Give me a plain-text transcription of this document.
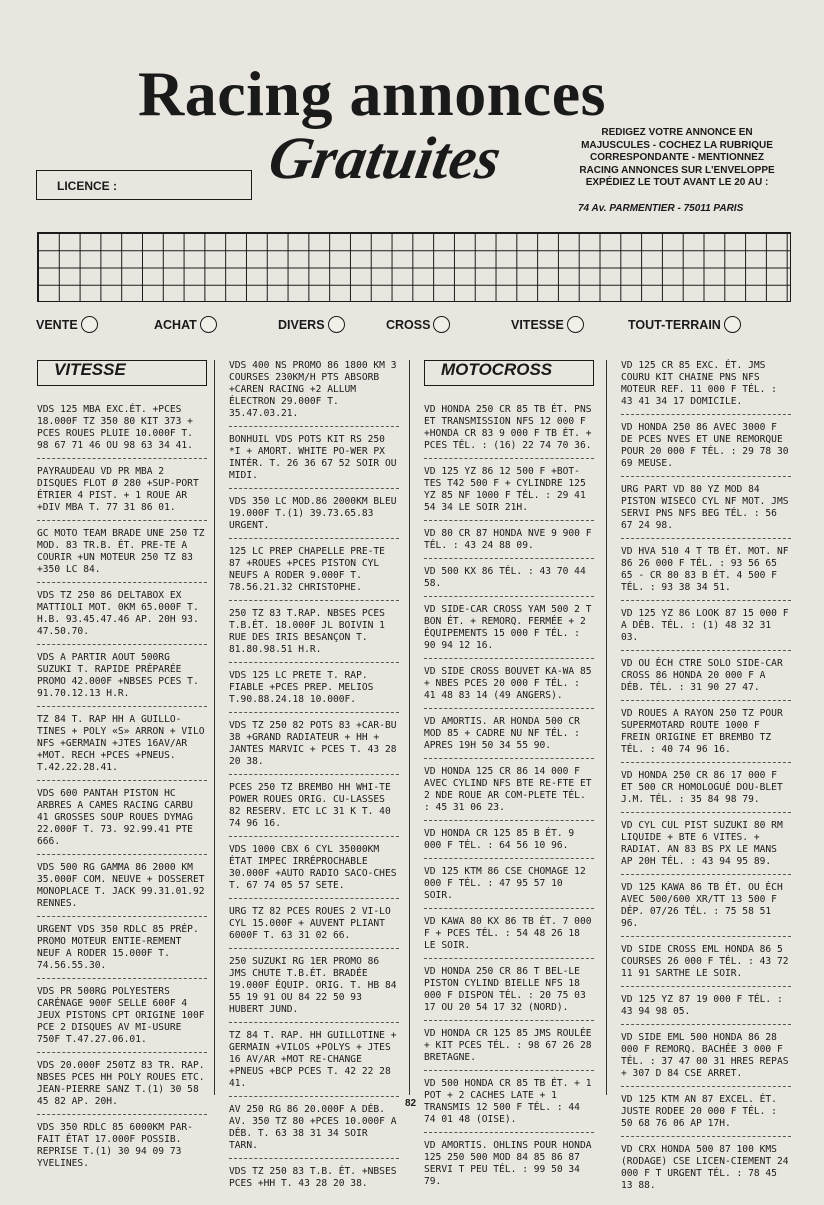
Racing annonces
Gratuites
LICENCE :
REDIGEZ VOTRE ANNONCE EN
MAJUSCULES - COCHEZ LA RUBRIQUE
CORRESPONDANTE - MENTIONNEZ
RACING ANNONCES SUR L'ENVELOPPE
EXPÉDIEZ LE TOUT AVANT LE 20 AU :
74 Av. PARMENTIER - 75011 PARIS
VENTE	ACHAT	DIVERS	CROSS	VITESSE	TOUT-TERRAIN
VITESSE
VDS 125 MBA EXC.ÉT. +PCES 18.000F TZ 350 80 KIT 373 + PCES ROUES PLUIE 10.000F T. 98 67 71 46 OU 98 63 34 41.
PAYRAUDEAU VD PR MBA 2 DISQUES FLOT Ø 280 +SUP-PORT ÉTRIER 4 PIST. + 1 ROUE AR +DIV MBA T. 77 31 86 01.
GC MOTO TEAM BRADE UNE 250 TZ MOD. 83 TR.B. ÉT. PRE-TE A COURIR +UN MOTEUR 250 TZ 83 +350 LC 84.
VDS TZ 250 86 DELTABOX EX MATTIOLI MOT. 0KM 65.000F T. H.B. 93.45.47.46 AP. 20H 93. 47.50.70.
VDS A PARTIR AOUT 500RG SUZUKI T. RAPIDE PRÉPARÉE PROMO 42.000F +NBSES PCES T. 91.70.12.13 H.R.
TZ 84 T. RAP HH A GUILLO-TINES + POLY «S» ARRON + VILO NFS +GERMAIN +JTES 16AV/AR +MOT. RECH +PCES +PNEUS. T.42.22.28.41.
VDS 600 PANTAH PISTON HC ARBRES A CAMES RACING CARBU 41 GROSSES SOUP ROUES DYMAG 22.000F T. 73. 92.99.41 PTE 666.
VDS 500 RG GAMMA 86 2000 KM 35.000F COM. NEUVE + DOSSERET MONOPLACE T. JACK 99.31.01.92 RENNES.
URGENT VDS 350 RDLC 85 PRÉP. PROMO MOTEUR ENTIE-REMENT NEUF A RODER 15.000F T. 74.56.55.30.
VDS PR 500RG POLYESTERS CARÉNAGE 900F SELLE 600F 4 JEUX PISTONS CPT ORIGINE 100F PCE 2 DISQUES AV MI-USURE 750F T.47.27.06.01.
VDS 20.000F 250TZ 83 TR. RAP. NBSES PCES HH POLY ROUES ETC. JEAN-PIERRE SANZ T.(1) 30 58 45 82 AP. 20H.
VDS 350 RDLC 85 6000KM PAR-FAIT ÉTAT 17.000F POSSIB. REPRISE T.(1) 30 94 09 73 YVELINES.
VDS 400 NS PROMO 86 1800 KM 3 COURSES 230KM/H PTS ABSORB +CAREN RACING +2 ALLUM ÉLECTRON 29.000F T. 35.47.03.21.
BONHUIL VDS POTS KIT RS 250 *I + AMORT. WHITE PO-WER PX INTÉR. T. 26 36 67 52 SOIR OU MIDI.
VDS 350 LC MOD.86 2000KM BLEU 19.000F T.(1) 39.73.65.83 URGENT.
125 LC PREP CHAPELLE PRE-TE 87 +ROUES +PCES PISTON CYL NEUFS A RODER 9.000F T. 78.56.21.32 CHRISTOPHE.
250 TZ 83 T.RAP. NBSES PCES T.B.ÉT. 18.000F JL BOIVIN 1 RUE DES IRIS BESANÇON T. 81.80.98.51 H.R.
VDS 125 LC PRETE T. RAP. FIABLE +PCES PREP. MELIOS T.90.88.24.18 10.000F.
VDS TZ 250 82 POTS 83 +CAR-BU 38 +GRAND RADIATEUR + HH + JANTES MARVIC + PCES T. 43 28 20 38.
PCES 250 TZ BREMBO HH WHI-TE POWER ROUES ORIG. CU-LASSES 82 RESERV. ETC LC 31 K T. 40 74 96 16.
VDS 1000 CBX 6 CYL 35000KM ÉTAT IMPEC IRRÉPROCHABLE 30.000F +AUTO RADIO SACO-CHES T. 67 74 05 57 SETE.
URG TZ 82 PCES ROUES 2 VI-LO CYL 15.000F + AUVENT PLIANT 6000F T. 63 31 02 66.
250 SUZUKI RG 1ER PROMO 86 JMS CHUTE T.B.ÉT. BRADÉE 19.000F ÉQUIP. ORIG. T. HB 84 55 19 91 OU 84 22 50 93 HUBERT JUND.
TZ 84 T. RAP. HH GUILLOTINE + GERMAIN +VILOS +POLYS + JTES 16 AV/AR +MOT RE-CHANGE +PNEUS +BCP PCES T. 42 22 28 41.
AV 250 RG 86 20.000F A DÉB. AV. 350 TZ 80 +PCES 10.000F A DÉB. T. 63 38 31 34 SOIR TARN.
VDS TZ 250 83 T.B. ÉT. +NBSES PCES +HH T. 43 28 20 38.
MOTOCROSS
VD HONDA 250 CR 85 TB ÉT. PNS ET TRANSMISSION NFS 12 000 F +HONDA CR 83 9 000 F TB ÉT. + PCES TÉL. : (16) 22 74 70 36.
VD 125 YZ 86 12 500 F +BOT-TES T42 500 F + CYLINDRE 125 YZ 85 NF 1000 F TÉL. : 29 41 54 34 LE SOIR 21H.
VD 80 CR 87 HONDA NVE 9 900 F TÉL. : 43 24 88 09.
VD 500 KX 86 TÉL. : 43 70 44 58.
VD SIDE-CAR CROSS YAM 500 2 T BON ÉT. + REMORQ. FERMÉE + 2 ÉQUIPEMENTS 15 000 F TÉL. : 90 94 12 16.
VD SIDE CROSS BOUVET KA-WA 85 + NBES PCES 20 000 F TÉL. : 41 48 83 14 (49 ANGERS).
VD AMORTIS. AR HONDA 500 CR MOD 85 + CADRE NU NF TÉL. : APRES 19H 50 34 55 90.
VD HONDA 125 CR 86 14 000 F AVEC CYLIND NFS BTE RE-FTE ET 2 NDE ROUE AR COM-PLETE TÉL. : 45 31 06 23.
VD HONDA CR 125 85 B ÉT. 9 000 F TÉL. : 64 56 10 96.
VD 125 KTM 86 CSE CHOMAGE 12 000 F TÉL. : 47 95 57 10 SOIR.
VD KAWA 80 KX 86 TB ÉT. 7 000 F + PCES TÉL. : 54 48 26 18 LE SOIR.
VD HONDA 250 CR 86 T BEL-LE PISTON CYLIND BIELLE NFS 18 000 F DISPON TÉL. : 20 75 03 17 OU 20 54 17 32 (NORD).
VD HONDA CR 125 85 JMS ROULÉE + KIT PCES TÉL. : 98 67 26 28 BRETAGNE.
VD 500 HONDA CR 85 TB ÉT. + 1 POT + 2 CACHES LATE + 1 TRANSMIS 12 500 F TÉL. : 44 74 01 48 (OISE).
VD AMORTIS. OHLINS POUR HONDA 125 250 500 MOD 84 85 86 87 SERVI T PEU TÉL. : 99 50 34 79.
VD 125 CR 85 EXC. ÉT. JMS COURU KIT CHAINE PNS NFS MOTEUR REF. 11 000 F TÉL. : 43 41 34 17 DOMICILE.
VD HONDA 250 86 AVEC 3000 F DE PCES NVES ET UNE REMORQUE POUR 20 000 F TÉL. : 29 78 30 69 MEUSE.
URG PART VD 80 YZ MOD 84 PISTON WISECO CYL NF MOT. JMS SERVI PNS NFS BEG TÉL. : 56 67 24 98.
VD HVA 510 4 T TB ÉT. MOT. NF 86 26 000 F TÉL. : 93 56 65 65 - CR 80 83 B ÉT. 4 500 F TÉL. : 93 38 34 51.
VD 125 YZ 86 LOOK 87 15 000 F A DÉB. TÉL. : (1) 48 32 31 03.
VD OU ÉCH CTRE SOLO SIDE-CAR CROSS 86 HONDA 20 000 F A DÉB. TÉL. : 31 90 27 47.
VD ROUES A RAYON 250 TZ POUR SUPERMOTARD ROUTE 1000 F FREIN ORIGINE ET BREMBO TZ TÉL. : 40 74 96 16.
VD HONDA 250 CR 86 17 000 F ET 500 CR HOMOLOGUÉ DOU-BLET J.M. TÉL. : 35 84 98 79.
VD CYL CUL PIST SUZUKI 80 RM LIQUIDE + BTE 6 VITES. + RADIAT. AN 83 BS PX LE MANS AP 20H TÉL. : 43 94 95 89.
VD 125 KAWA 86 TB ÉT. OU ÉCH AVEC 500/600 XR/TT 13 500 F DÉP. 07/26 TÉL. : 75 58 51 96.
VD SIDE CROSS EML HONDA 86 5 COURSES 26 000 F TÉL. : 43 72 11 91 SARTHE LE SOIR.
VD 125 YZ 87 19 000 F TÉL. : 43 94 98 05.
VD SIDE EML 500 HONDA 86 28 000 F REMORQ. BACHÉE 3 000 F TÉL. : 37 47 00 31 HRES REPAS + 307 D 84 CSE ARRET.
VD 125 KTM AN 87 EXCEL. ÉT. JUSTE RODEE 20 000 F TÉL. : 50 68 76 06 AP 17H.
VD CRX HONDA 500 87 100 KMS (RODAGE) CSE LICEN-CIEMENT 24 000 F T URGENT TÉL. : 78 45 13 88.
82
